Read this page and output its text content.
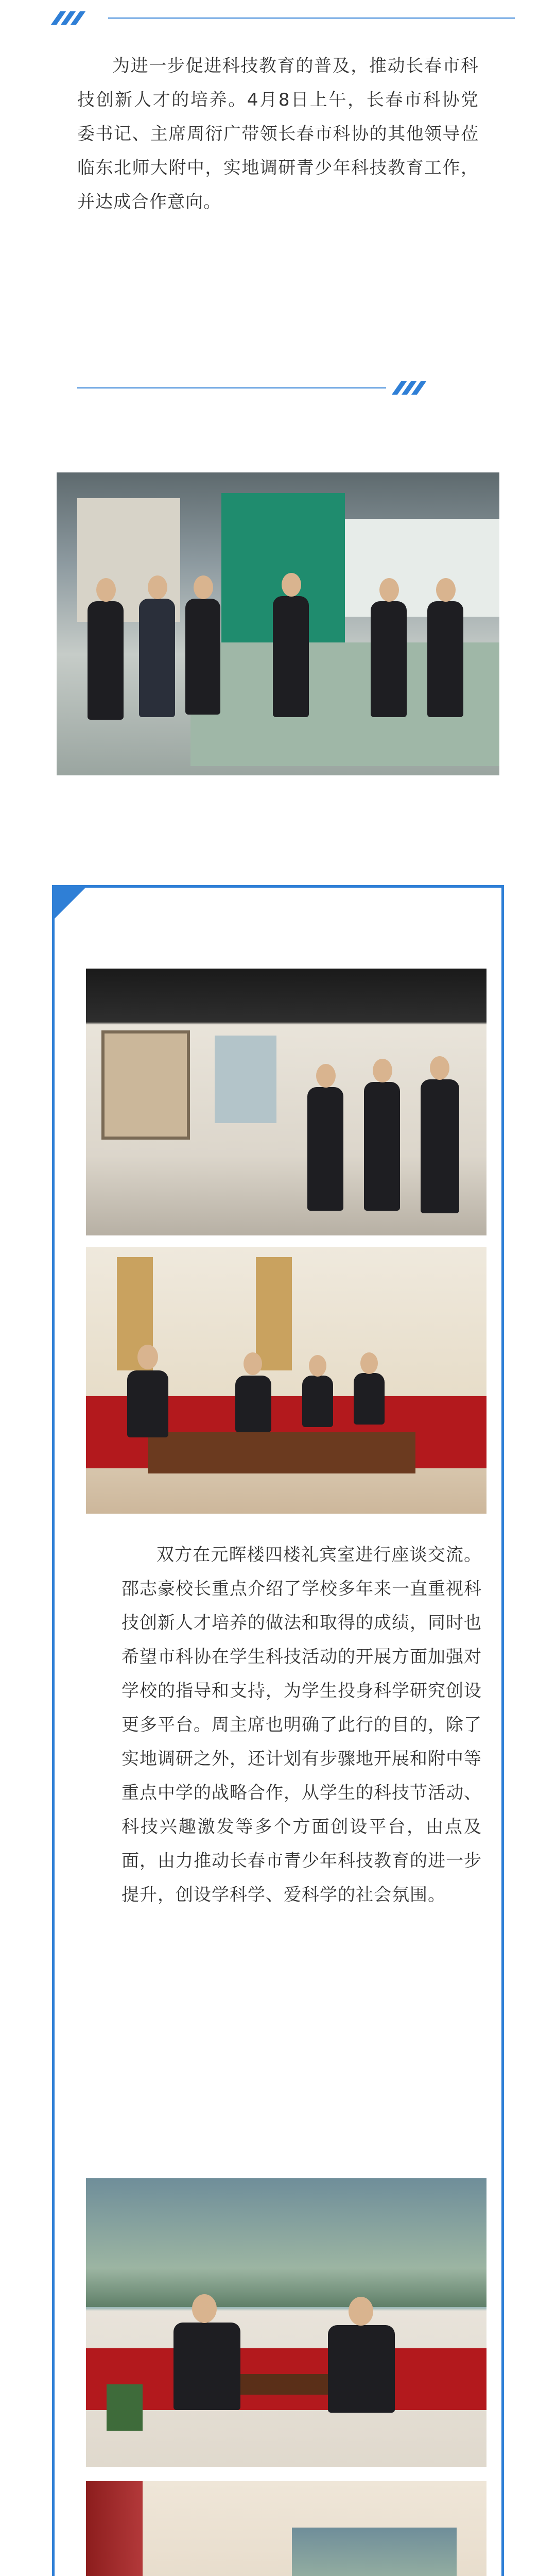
为进一步促进科技教育的普及，推动长春市科技创新人才的培养。4月8日上午，长春市科协党委书记、主席周衍广带领长春市科协的其他领导莅临东北师大附中，实地调研青少年科技教育工作，并达成合作意向。
双方在元晖楼四楼礼宾室进行座谈交流。邵志豪校长重点介绍了学校多年来一直重视科技创新人才培养的做法和取得的成绩，同时也希望市科协在学生科技活动的开展方面加强对学校的指导和支持，为学生投身科学研究创设更多平台。周主席也明确了此行的目的，除了实地调研之外，还计划有步骤地开展和附中等重点中学的战略合作，从学生的科技节活动、科技兴趣激发等多个方面创设平台，由点及面，由力推动长春市青少年科技教育的进一步提升，创设学科学、爱科学的社会氛围。
